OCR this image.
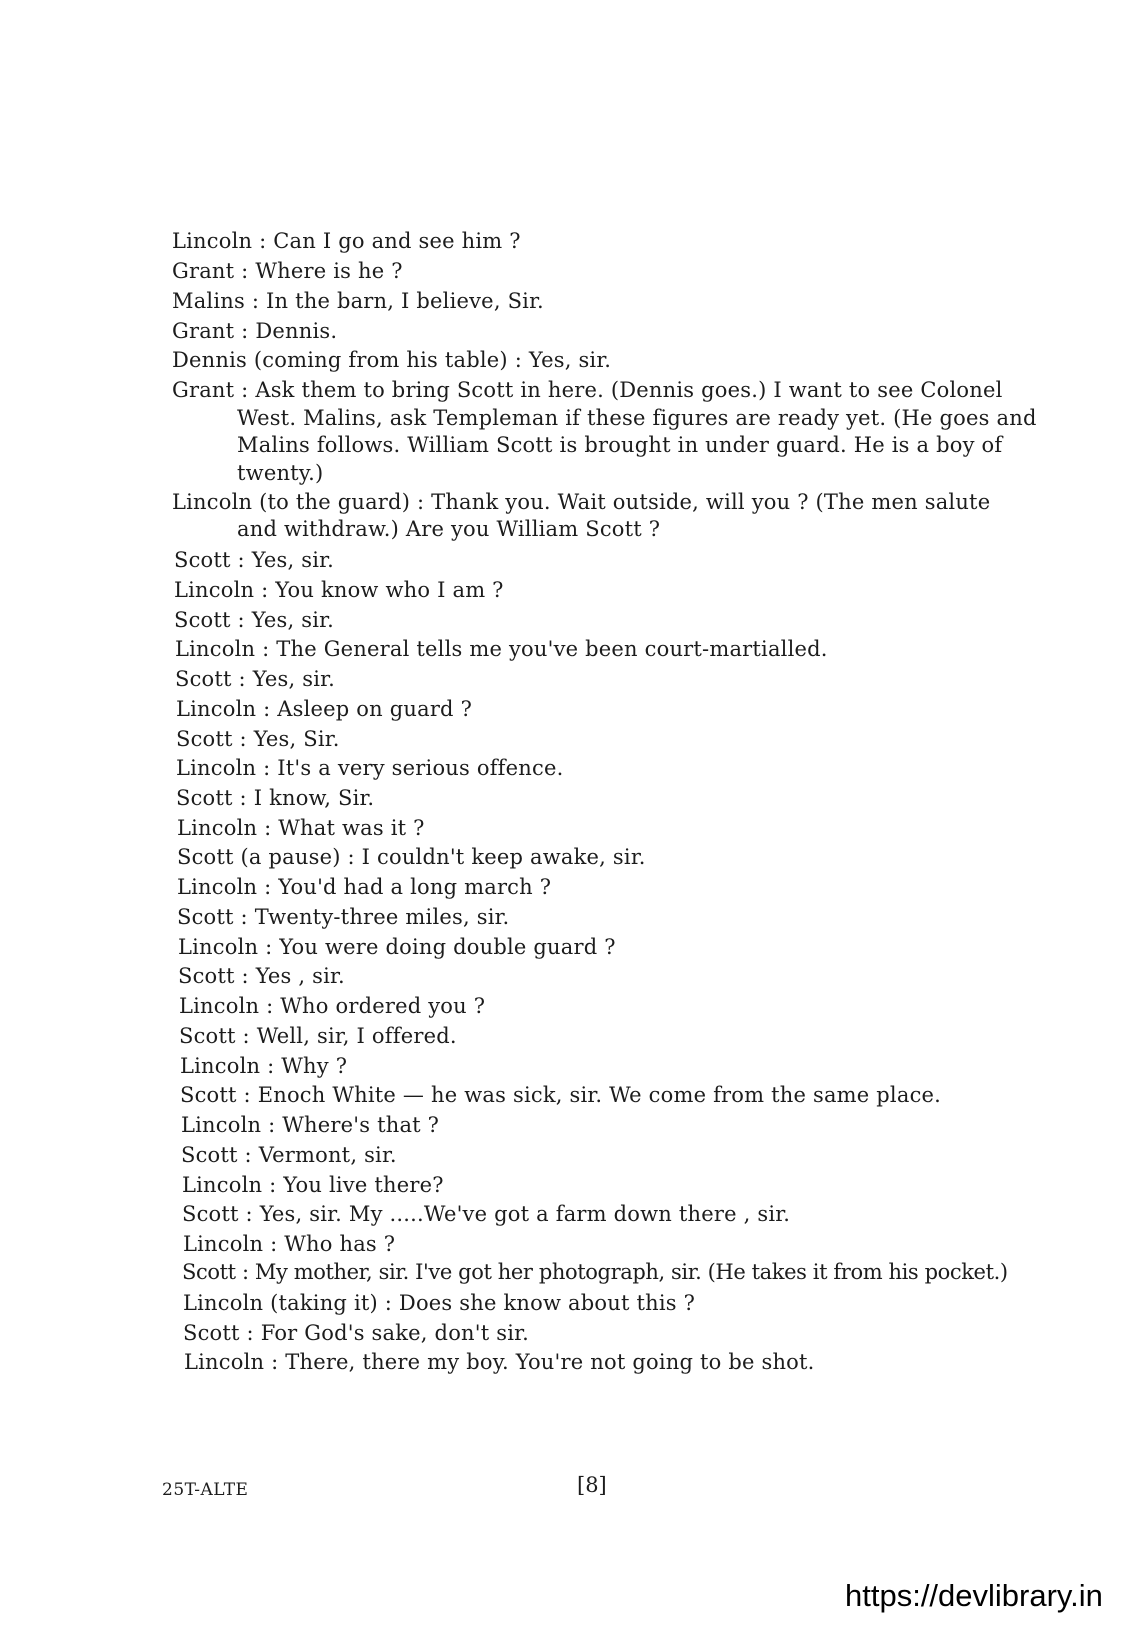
Lincoln : Can I go and see him ?
Grant : Where is he ?
Malins : In the barn, I believe, Sir.
Grant : Dennis.
Dennis (coming from his table) : Yes, sir.
Grant : Ask them to bring Scott in here. (Dennis goes.) I want to see Colonel
West. Malins, ask Templeman if these figures are ready yet. (He goes and
Malins follows. William Scott is brought in under guard. He is a boy of
twenty.)
Lincoln (to the guard) : Thank you. Wait outside, will you ? (The men salute
and withdraw.) Are you William Scott ?
Scott : Yes, sir.
Lincoln : You know who I am ?
Scott : Yes, sir.
Lincoln : The General tells me you've been court-martialled.
Scott : Yes, sir.
Lincoln : Asleep on guard ?
Scott : Yes, Sir.
Lincoln : It's a very serious offence.
Scott : I know, Sir.
Lincoln : What was it ?
Scott (a pause) : I couldn't keep awake, sir.
Lincoln : You'd had a long march ?
Scott : Twenty-three miles, sir.
Lincoln : You were doing double guard ?
Scott : Yes , sir.
Lincoln : Who ordered you ?
Scott : Well, sir, I offered.
Lincoln : Why ?
Scott : Enoch White — he was sick, sir. We come from the same place.
Lincoln : Where's that ?
Scott : Vermont, sir.
Lincoln : You live there?
Scott : Yes, sir. My .....We've got a farm down there , sir.
Lincoln : Who has ?
Scott : My mother, sir. I've got her photograph, sir. (He takes it from his pocket.)
Lincoln (taking it) : Does she know about this ?
Scott : For God's sake, don't sir.
Lincoln : There, there my boy. You're not going to be shot.
25T-ALTE	[8]
https://devlibrary.in
